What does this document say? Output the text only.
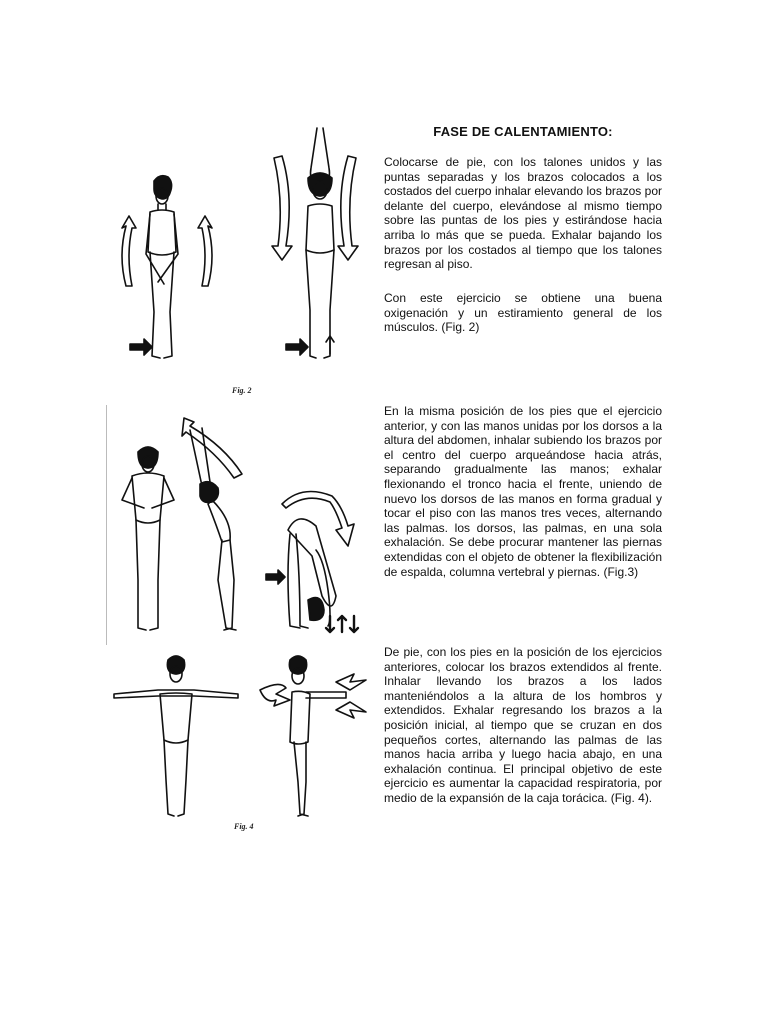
Fig. 2
Fig. 4
FASE DE CALENTAMIENTO:

Colocarse de pie, con los talones unidos y las puntas separadas y los brazos colocados a los costados del cuerpo inhalar elevando los brazos por delante del cuerpo, elevándose al mismo tiempo sobre las puntas de los pies y estirándose hacia arriba lo más que se pueda. Exhalar bajando los brazos por los costados al tiempo que los talones regresan al piso.

Con este ejercicio se obtiene una buena oxigenación y un estiramiento general de los músculos. (Fig. 2)

En la misma posición de los pies que el ejercicio anterior, y con las manos unidas por los dorsos a la altura del abdomen, inhalar subiendo los brazos por el centro del cuerpo arqueándose hacia atrás, separando gradualmente las manos; exhalar flexionando el tronco hacia el frente, uniendo de nuevo los dorsos de las manos en forma gradual y tocar el piso con las manos tres veces, alternando las palmas. los dorsos, las palmas, en una sola exhalación. Se debe procurar mantener las piernas extendidas con el objeto de obtener la flexibilización de espalda, columna vertebral y piernas. (Fig.3)

De pie, con los pies en la posición de los ejercicios anteriores, colocar los brazos extendidos al frente. Inhalar llevando los brazos a los lados manteniéndolos a la altura de los hombros y extendidos. Exhalar regresando los brazos a la posición inicial, al tiempo que se cruzan en dos pequeños cortes, alternando las palmas de las manos hacia arriba y luego hacia abajo, en una exhalación continua. El principal objetivo de este ejercicio es aumentar la capacidad respiratoria, por medio de la expansión de la caja torácica. (Fig. 4).
